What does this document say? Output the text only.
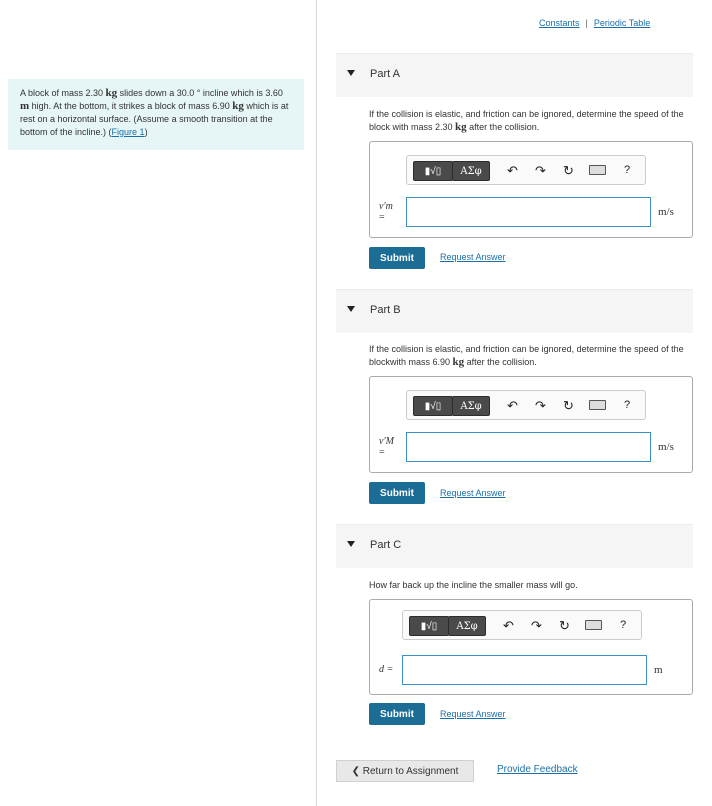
A block of mass 2.30 kg slides down a 30.0 ° incline which is 3.60 m high. At the bottom, it strikes a block of mass 6.90 kg which is at rest on a horizontal surface. (Assume a smooth transition at the bottom of the incline.) (Figure 1)
Constants | Periodic Table
Part A
If the collision is elastic, and friction can be ignored, determine the speed of the block with mass 2.30 kg after the collision.
▮√▯	ΑΣφ	↶ ↷ ↻	?
v′m
=	m/s
Submit	Request Answer
Part B
If the collision is elastic, and friction can be ignored, determine the speed of the blockwith mass 6.90 kg after the collision.
▮√▯	ΑΣφ	↶ ↷ ↻	?
v′M
=	m/s
Submit	Request Answer
Part C
How far back up the incline the smaller mass will go.
▮√▯	ΑΣφ	↶ ↷ ↻	?
d =	m
Submit	Request Answer
❮ Return to Assignment	Provide Feedback
